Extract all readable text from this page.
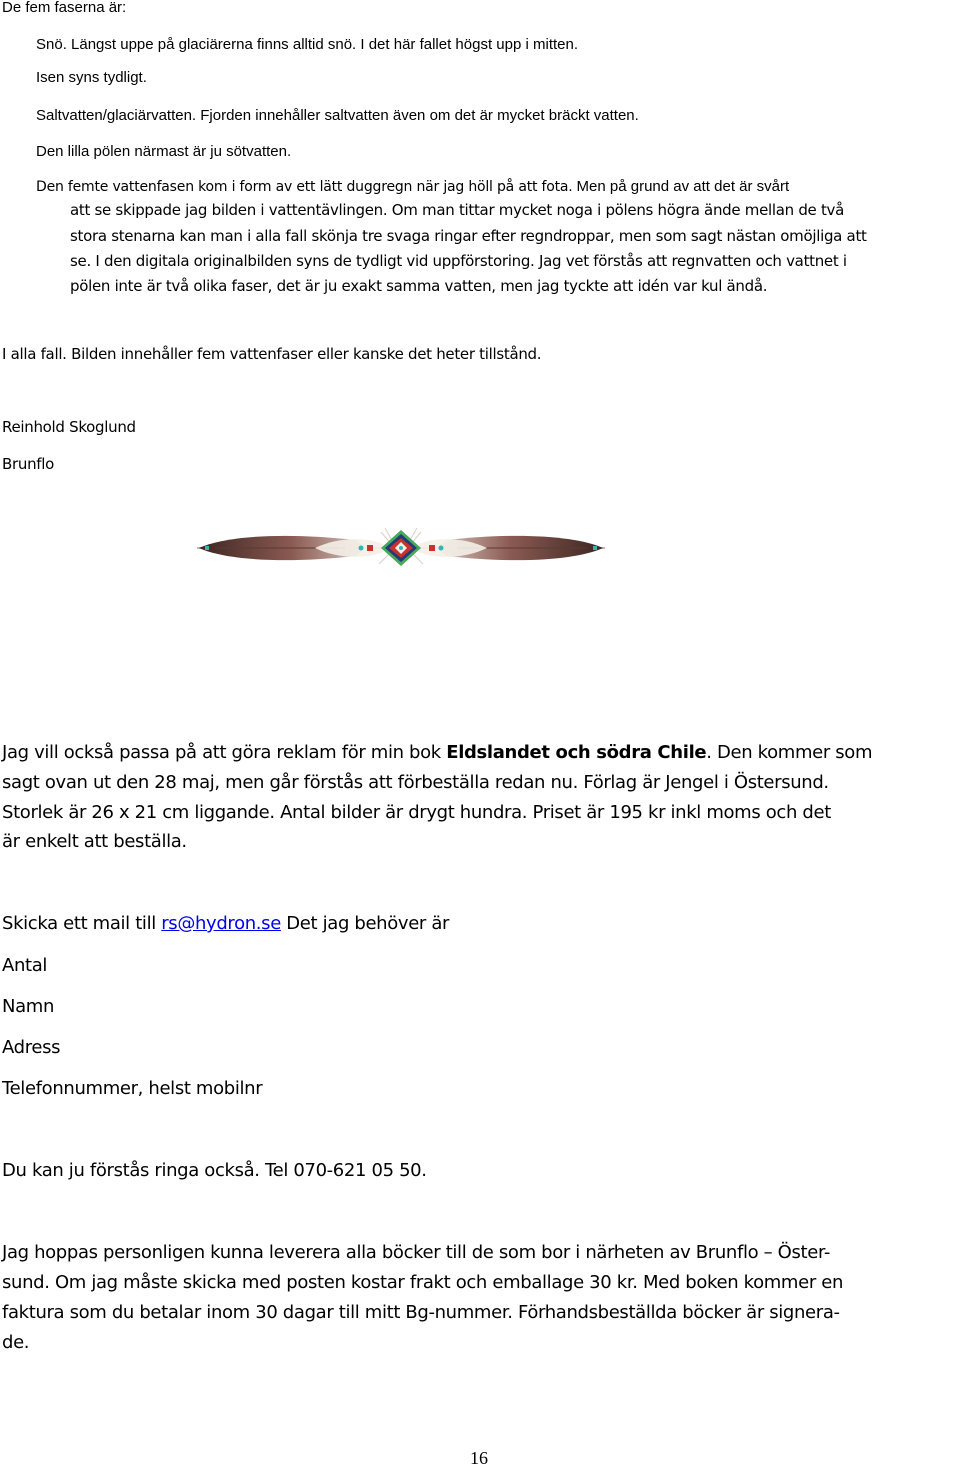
De fem faserna är:
Snö. Längst uppe på glaciärerna finns alltid snö. I det här fallet högst upp i mitten.
Isen syns tydligt.
Saltvatten/glaciärvatten. Fjorden innehåller saltvatten även om det är mycket bräckt vatten.
Den lilla pölen närmast är ju sötvatten.
Den femte vattenfasen kom i form av ett lätt duggregn när jag höll på att fota. Men på grund av att det är svårt
att se skippade jag bilden i vattentävlingen. Om man tittar mycket noga i pölens högra ände mellan de två
stora stenarna kan man i alla fall skönja tre svaga ringar efter regndroppar, men som sagt nästan omöjliga att
se. I den digitala originalbilden syns de tydligt vid uppförstoring. Jag vet förstås att regnvatten och vattnet i
pölen inte är två olika faser, det är ju exakt samma vatten, men jag tyckte att idén var kul ändå.
I alla fall. Bilden innehåller fem vattenfaser eller kanske det heter tillstånd.
Reinhold Skoglund
Brunflo
Jag vill också passa på att göra reklam för min bok Eldslandet och södra Chile. Den kommer som
sagt ovan ut den 28 maj, men går förstås att förbeställa redan nu. Förlag är Jengel i Östersund.
Storlek är 26 x 21 cm liggande. Antal bilder är drygt hundra. Priset är 195 kr inkl moms och det
är enkelt att beställa.
Skicka ett mail till rs@hydron.se Det jag behöver är
Antal
Namn
Adress
Telefonnummer, helst mobilnr
Du kan ju förstås ringa också. Tel 070-621 05 50.
Jag hoppas personligen kunna leverera alla böcker till de som bor i närheten av Brunflo – Öster-
sund. Om jag måste skicka med posten kostar frakt och emballage 30 kr. Med boken kommer en
faktura som du betalar inom 30 dagar till mitt Bg-nummer. Förhandsbeställda böcker är signera-
de.
16
